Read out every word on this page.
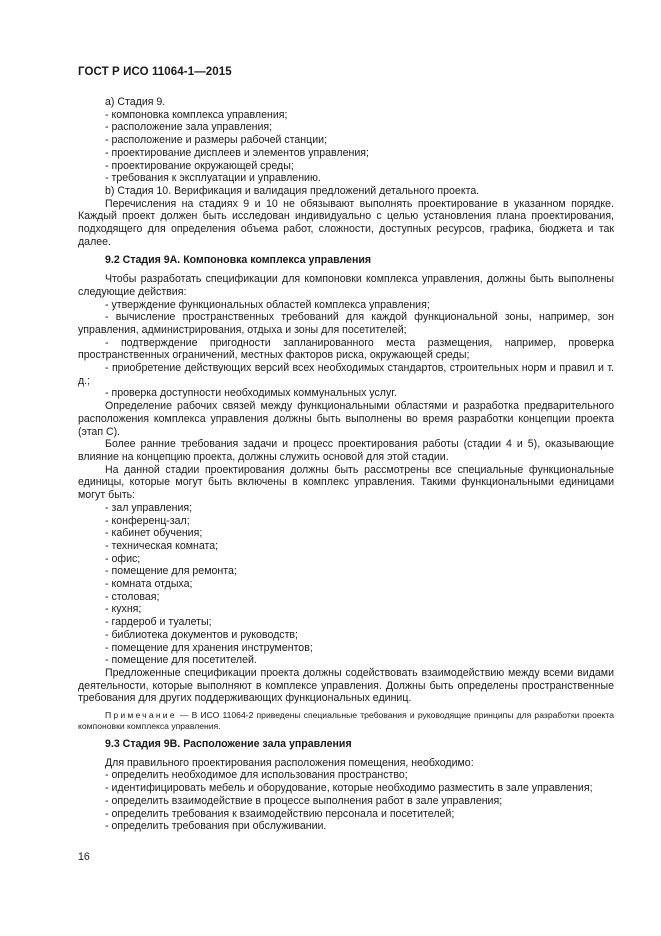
ГОСТ Р ИСО 11064-1—2015
а) Стадия 9.
- компоновка комплекса управления;
- расположение зала управления;
- расположение и размеры рабочей станции;
- проектирование дисплеев и элементов управления;
- проектирование окружающей среды;
- требования к эксплуатации и управлению.
b) Стадия 10. Верификация и валидация предложений детального проекта.
Перечисления на стадиях 9 и 10 не обязывают выполнять проектирование в указанном порядке. Каждый проект должен быть исследован индивидуально с целью установления плана проектирования, подходящего для определения объема работ, сложности, доступных ресурсов, графика, бюджета и так далее.
9.2 Стадия 9А. Компоновка комплекса управления
Чтобы разработать спецификации для компоновки комплекса управления, должны быть выполнены следующие действия:
- утверждение функциональных областей комплекса управления;
- вычисление пространственных требований для каждой функциональной зоны, например, зон управления, администрирования, отдыха и зоны для посетителей;
- подтверждение пригодности запланированного места размещения, например, проверка пространственных ограничений, местных факторов риска, окружающей среды;
- приобретение действующих версий всех необходимых стандартов, строительных норм и правил и т. д.;
- проверка доступности необходимых коммунальных услуг.
Определение рабочих связей между функциональными областями и разработка предварительного расположения комплекса управления должны быть выполнены во время разработки концепции проекта (этап С).
Более ранние требования задачи и процесс проектирования работы (стадии 4 и 5), оказывающие влияние на концепцию проекта, должны служить основой для этой стадии.
На данной стадии проектирования должны быть рассмотрены все специальные функциональные единицы, которые могут быть включены в комплекс управления. Такими функциональными единицами могут быть:
- зал управления;
- конференц-зал;
- кабинет обучения;
- техническая комната;
- офис;
- помещение для ремонта;
- комната отдыха;
- столовая;
- кухня;
- гардероб и туалеты;
- библиотека документов и руководств;
- помещение для хранения инструментов;
- помещение для посетителей.
Предложенные спецификации проекта должны содействовать взаимодействию между всеми видами деятельности, которые выполняют в комплексе управления. Должны быть определены пространственные требования для других поддерживающих функциональных единиц.
Примечание — В ИСО 11064-2 приведены специальные требования и руководящие принципы для разработки проекта компоновки комплекса управления.
9.3 Стадия 9В. Расположение зала управления
Для правильного проектирования расположения помещения, необходимо:
- определить необходимое для использования пространство;
- идентифицировать мебель и оборудование, которые необходимо разместить в зале управления;
- определить взаимодействие в процессе выполнения работ в зале управления;
- определить требования к взаимодействию персонала и посетителей;
- определить требования при обслуживании.
16
